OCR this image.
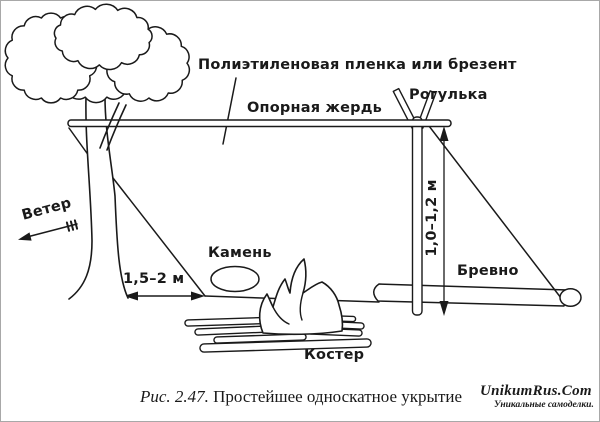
Полиэтиленовая пленка или брезент
Опорная жердь
Рогулька
Ветер
1,5–2 м
1,0–1,2 м
Камень
Бревно
Костер
Рис. 2.47. Простейшее односкатное укрытие	UnikumRus.Com
Уникальные самоделки.
